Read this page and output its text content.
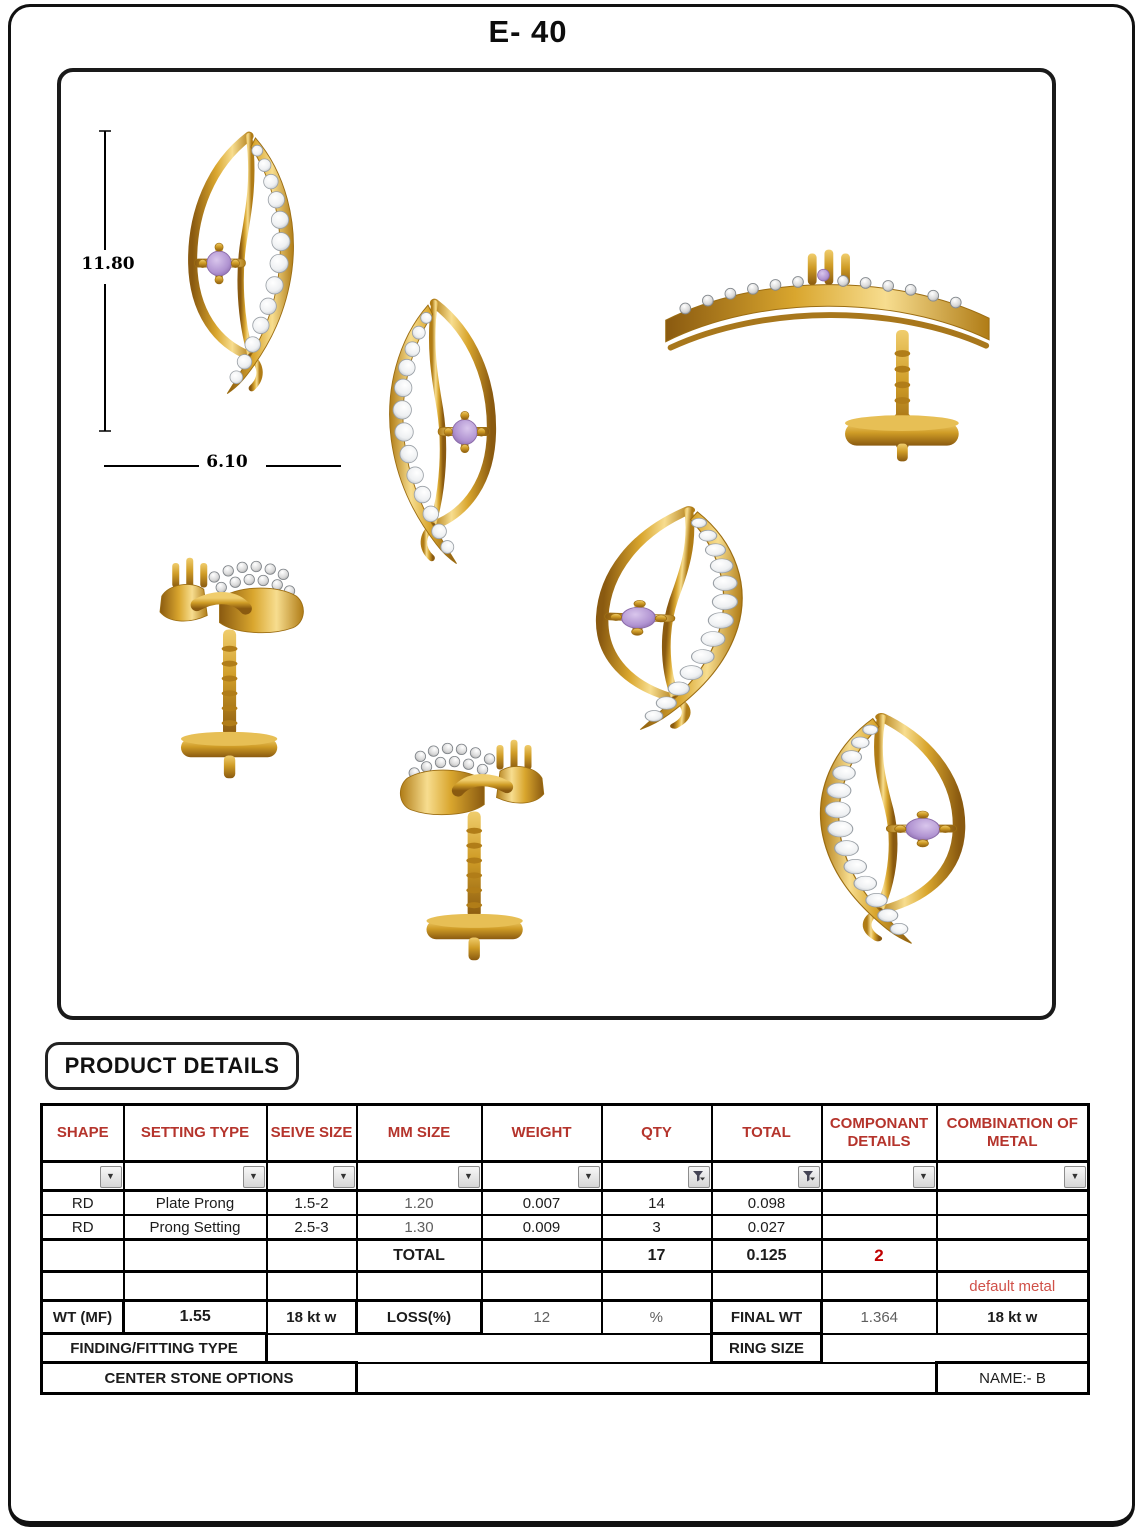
E- 40
11.80
6.10
PRODUCT DETAILS
SHAPE	SETTING TYPE	SEIVE SIZE	MM SIZE	WEIGHT	QTY	TOTAL	COMPONANT DETAILS	COMBINATION OF METAL

▼	▼	▼	▼	▼			▼	▼

RD	Plate Prong	1.5-2	1.20	0.007	14	0.098		
RD	Prong Setting	2.5-3	1.30	0.009	3	0.027		
			TOTAL		17	0.125	2	
								default metal
WT (MF)	1.55	18 kt w	LOSS(%)	12	%	FINAL WT	1.364	18 kt w
FINDING/FITTING TYPE						RING SIZE		
CENTER STONE OPTIONS								NAME:- B
